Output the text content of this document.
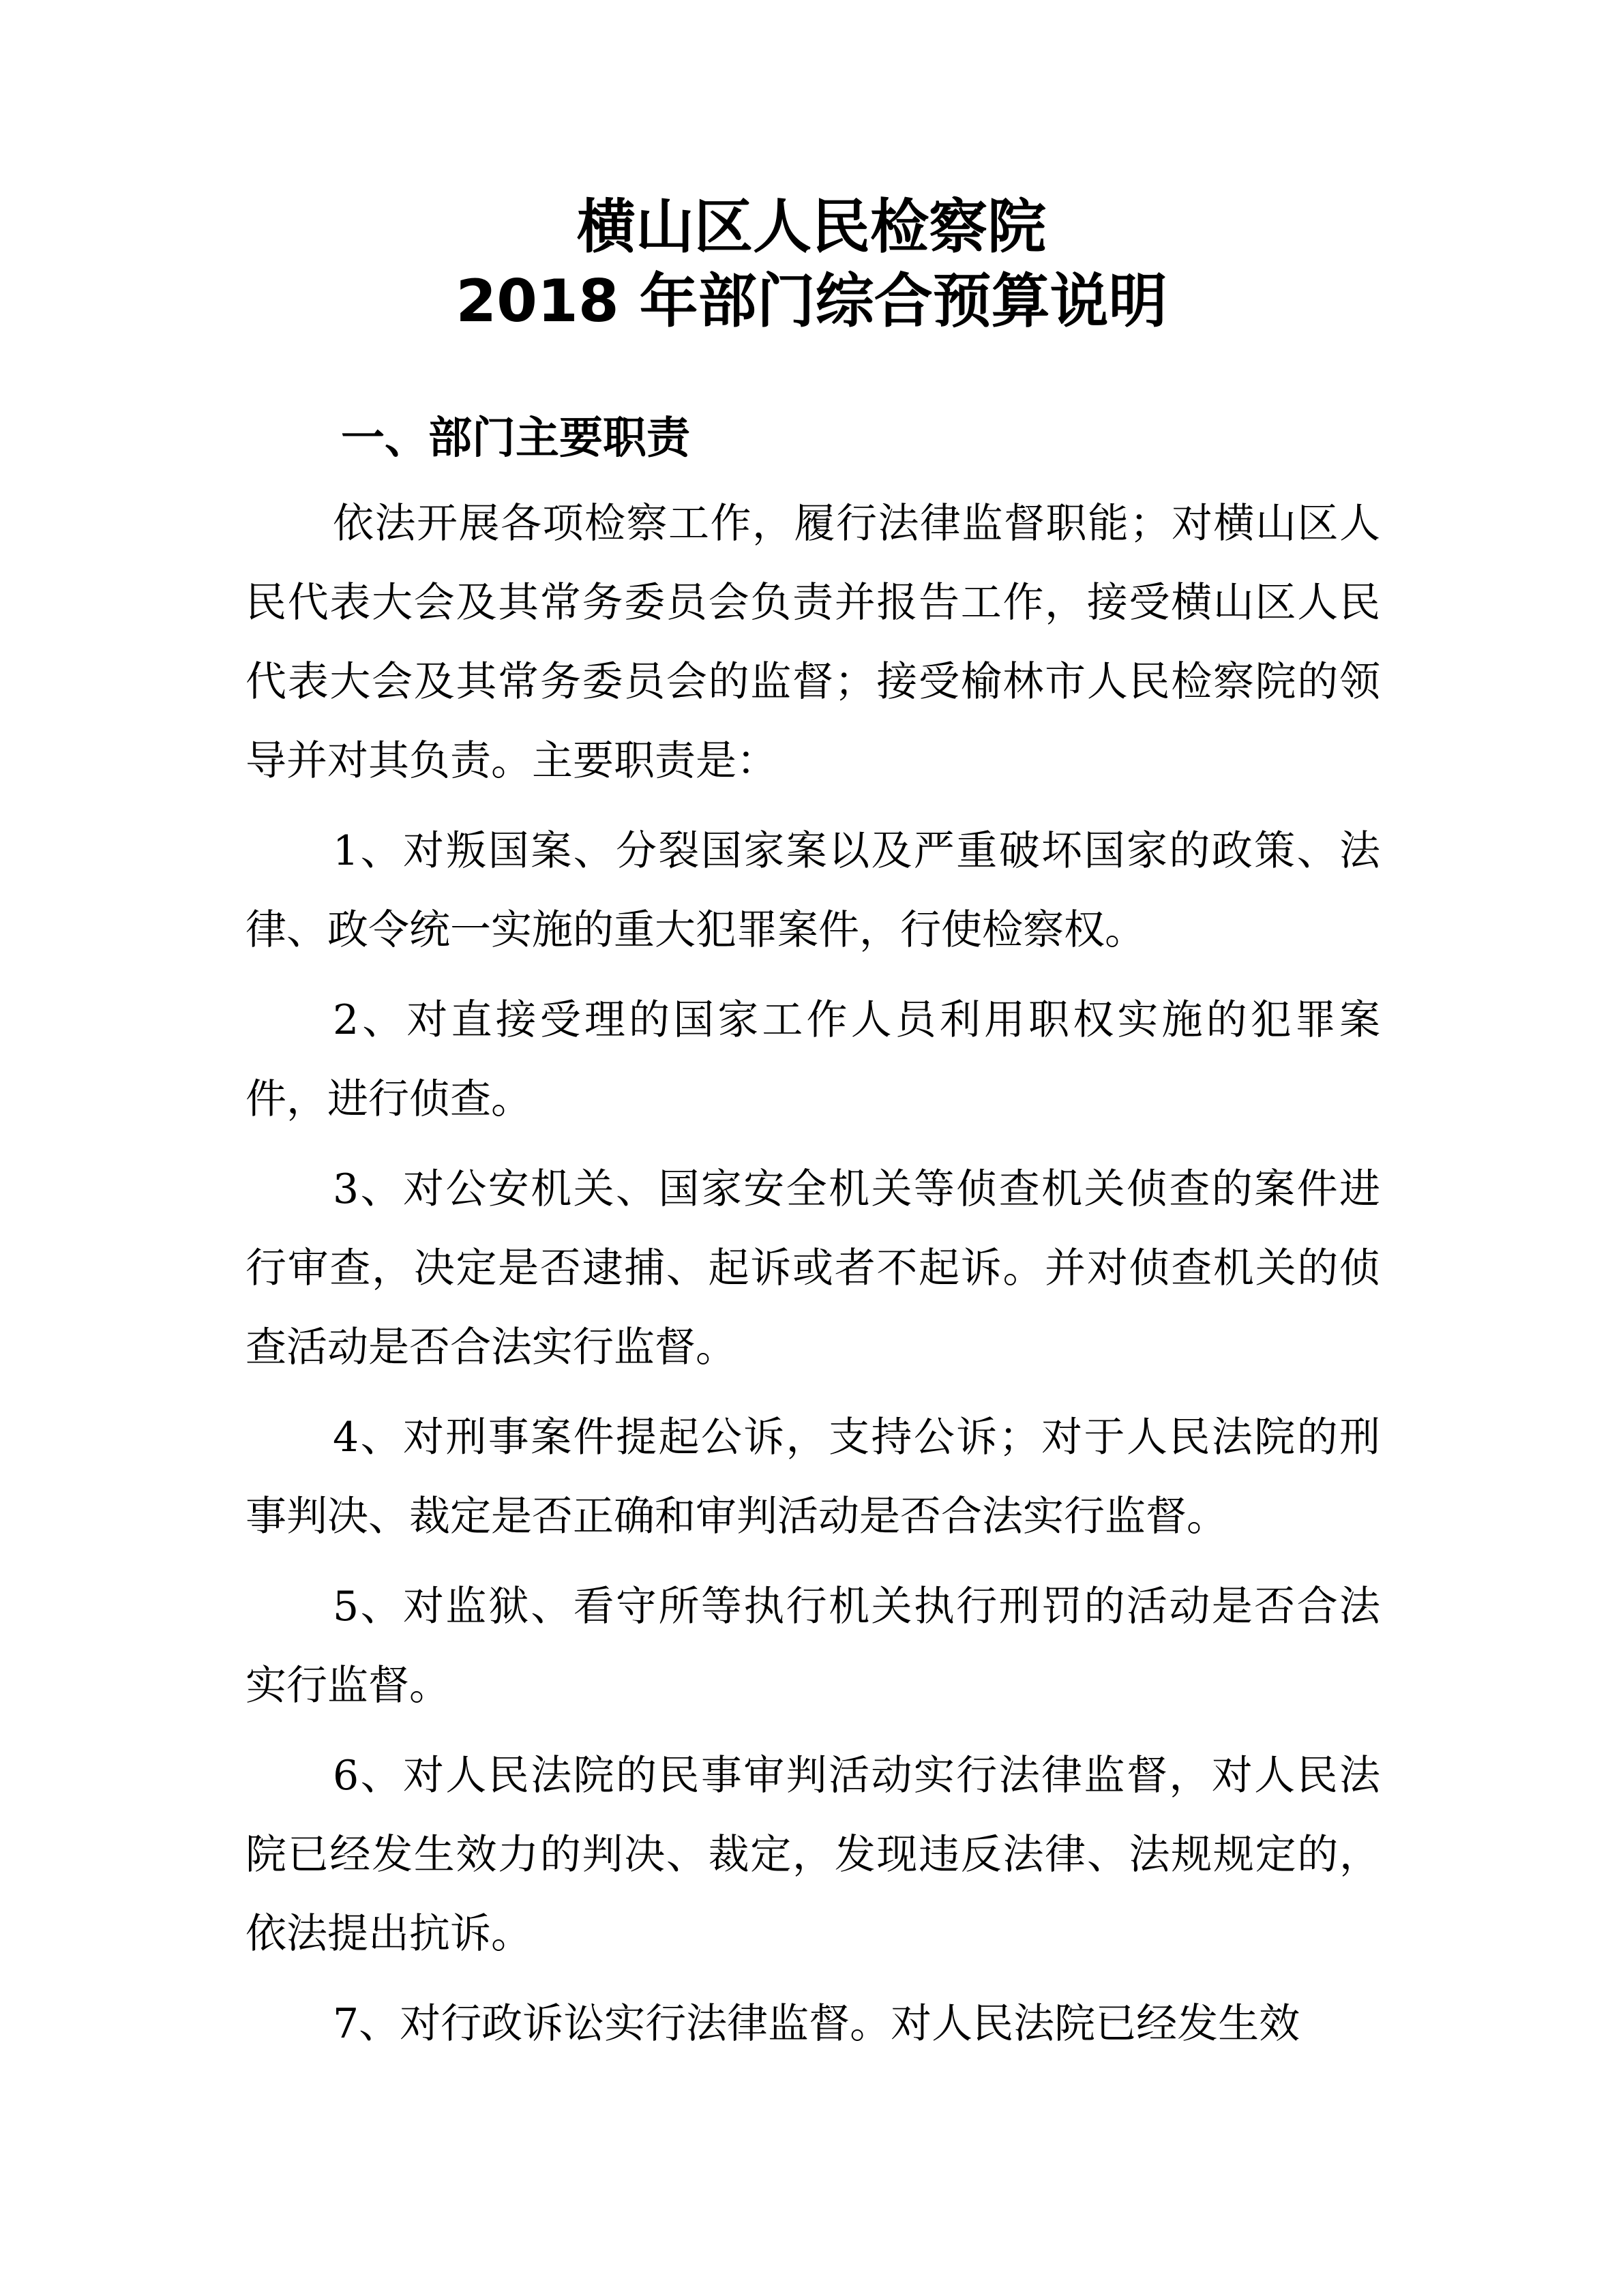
横山区人民检察院
2018 年部门综合预算说明
一、部门主要职责

依法开展各项检察工作，履行法律监督职能；对横山区人民代表大会及其常务委员会负责并报告工作，接受横山区人民代表大会及其常务委员会的监督；接受榆林市人民检察院的领导并对其负责。主要职责是：

1、对叛国案、分裂国家案以及严重破坏国家的政策、法律、政令统一实施的重大犯罪案件，行使检察权。

2、对直接受理的国家工作人员利用职权实施的犯罪案件，进行侦查。

3、对公安机关、国家安全机关等侦查机关侦查的案件进行审查，决定是否逮捕、起诉或者不起诉。并对侦查机关的侦查活动是否合法实行监督。

4、对刑事案件提起公诉，支持公诉；对于人民法院的刑事判决、裁定是否正确和审判活动是否合法实行监督。

5、对监狱、看守所等执行机关执行刑罚的活动是否合法实行监督。

6、对人民法院的民事审判活动实行法律监督，对人民法院已经发生效力的判决、裁定，发现违反法律、法规规定的，依法提出抗诉。

7、对行政诉讼实行法律监督。对人民法院已经发生效
